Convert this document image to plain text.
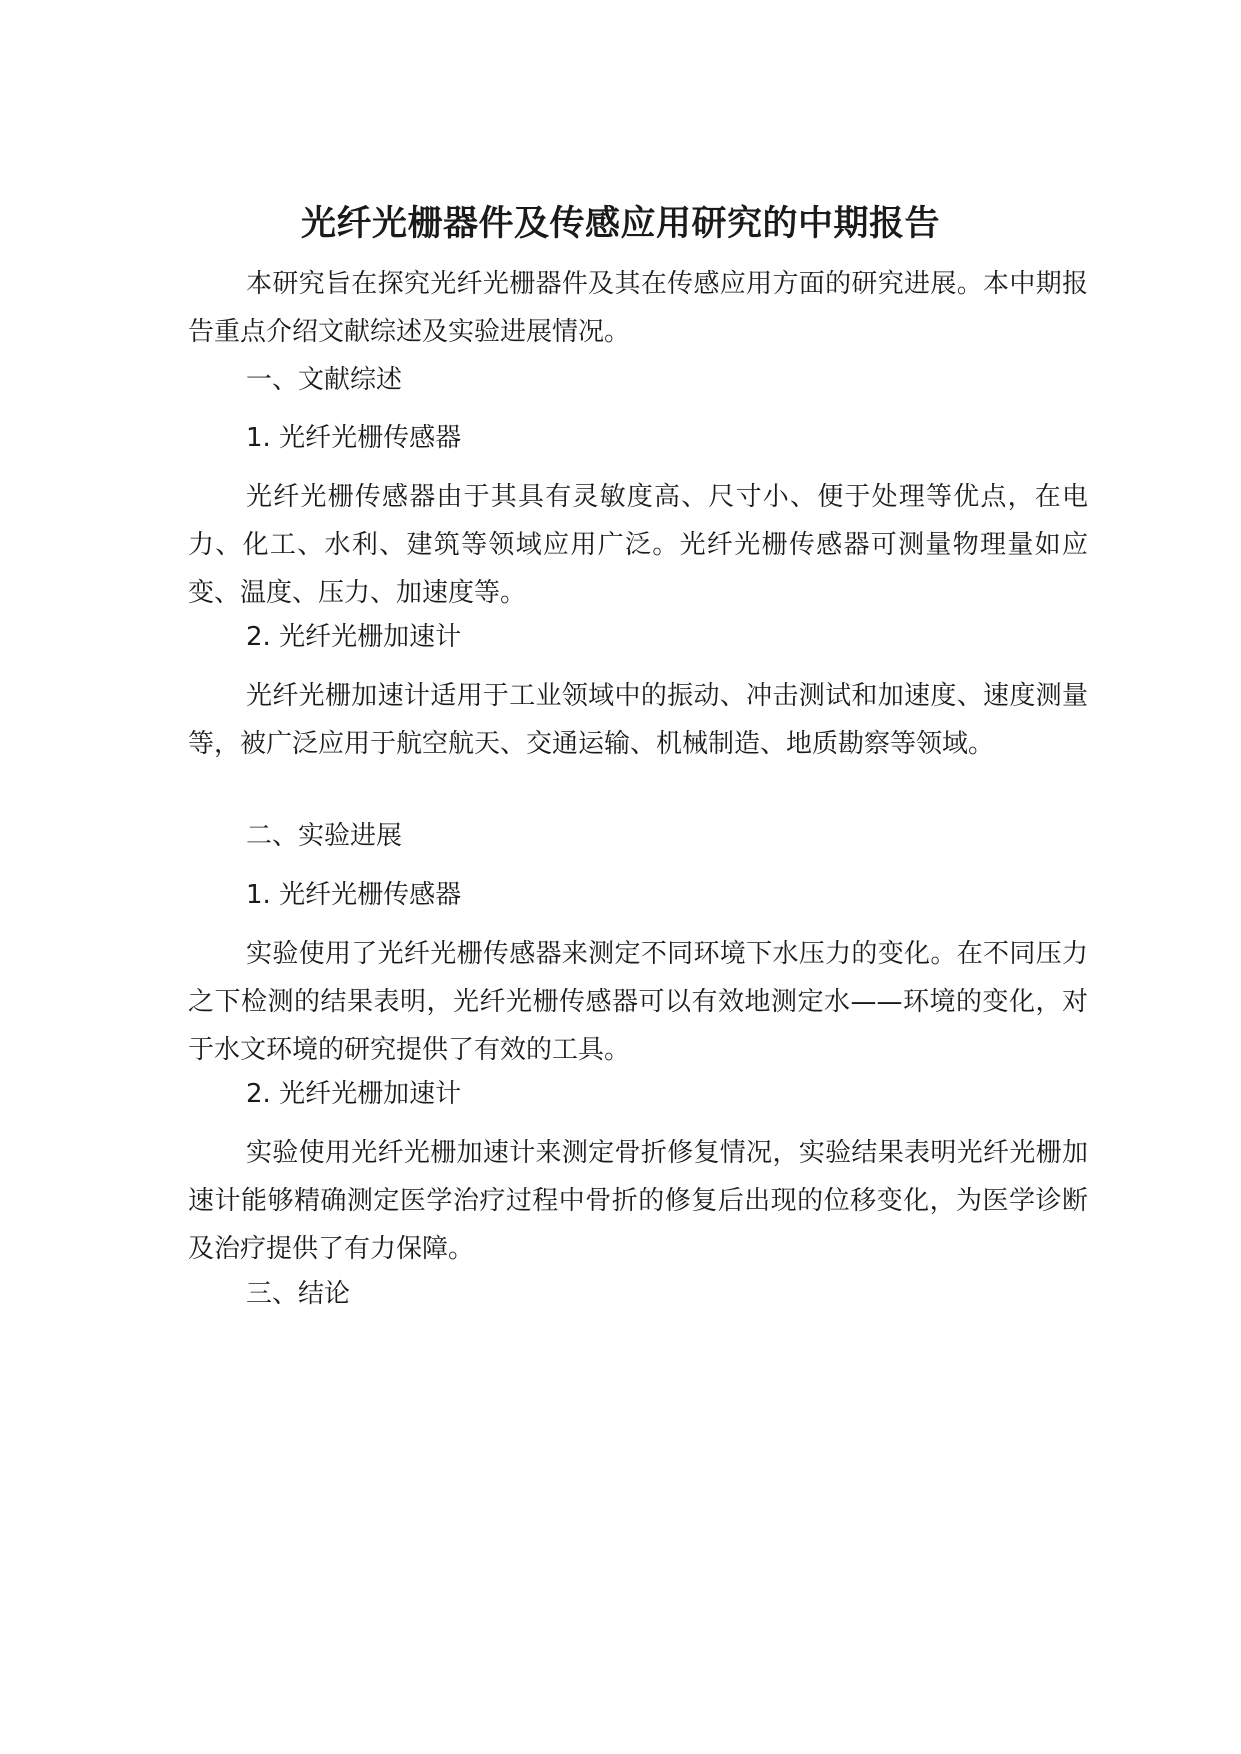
光纤光栅器件及传感应用研究的中期报告

本研究旨在探究光纤光栅器件及其在传感应用方面的研究进展。本中期报告重点介绍文献综述及实验进展情况。

一、文献综述

1. 光纤光栅传感器

光纤光栅传感器由于其具有灵敏度高、尺寸小、便于处理等优点，在电力、化工、水利、建筑等领域应用广泛。光纤光栅传感器可测量物理量如应变、温度、压力、加速度等。

2. 光纤光栅加速计

光纤光栅加速计适用于工业领域中的振动、冲击测试和加速度、速度测量等，被广泛应用于航空航天、交通运输、机械制造、地质勘察等领域。

二、实验进展

1. 光纤光栅传感器

实验使用了光纤光栅传感器来测定不同环境下水压力的变化。在不同压力之下检测的结果表明，光纤光栅传感器可以有效地测定水——环境的变化，对于水文环境的研究提供了有效的工具。

2. 光纤光栅加速计

实验使用光纤光栅加速计来测定骨折修复情况，实验结果表明光纤光栅加速计能够精确测定医学治疗过程中骨折的修复后出现的位移变化，为医学诊断及治疗提供了有力保障。

三、结论
